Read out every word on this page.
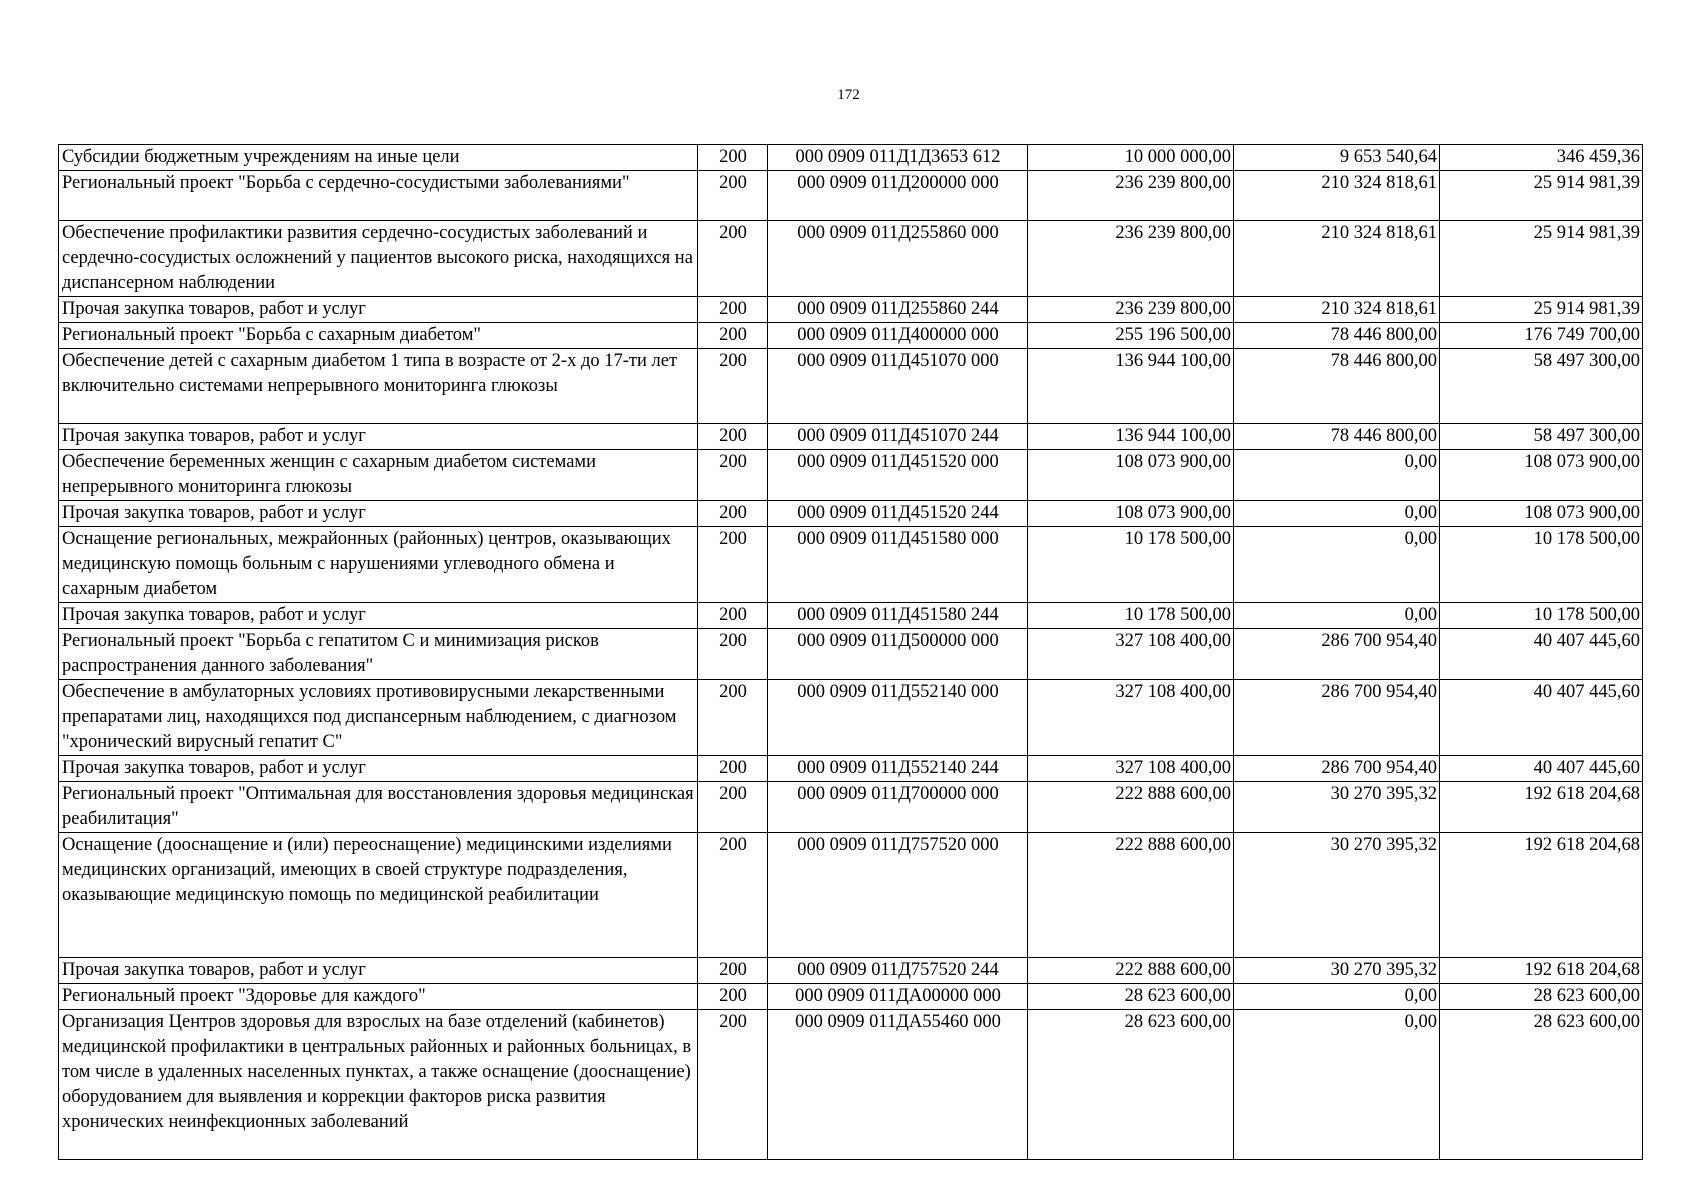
172
Субсидии бюджетным учреждениям на иные цели	200	000 0909 011Д1Д3653 612	10 000 000,00	9 653 540,64	346 459,36
Региональный проект "Борьба с сердечно-сосудистыми заболеваниями"	200	000 0909 011Д200000 000	236 239 800,00	210 324 818,61	25 914 981,39
Обеспечение профилактики развития сердечно-сосудистых заболеваний и сердечно-сосудистых осложнений у пациентов высокого риска, находящихся на диспансерном наблюдении	200	000 0909 011Д255860 000	236 239 800,00	210 324 818,61	25 914 981,39
Прочая закупка товаров, работ и услуг	200	000 0909 011Д255860 244	236 239 800,00	210 324 818,61	25 914 981,39
Региональный проект "Борьба с сахарным диабетом"	200	000 0909 011Д400000 000	255 196 500,00	78 446 800,00	176 749 700,00
Обеспечение детей с сахарным диабетом 1 типа в возрасте от 2-х до 17-ти лет включительно системами непрерывного мониторинга глюкозы	200	000 0909 011Д451070 000	136 944 100,00	78 446 800,00	58 497 300,00
Прочая закупка товаров, работ и услуг	200	000 0909 011Д451070 244	136 944 100,00	78 446 800,00	58 497 300,00
Обеспечение беременных женщин с сахарным диабетом системами непрерывного мониторинга глюкозы	200	000 0909 011Д451520 000	108 073 900,00	0,00	108 073 900,00
Прочая закупка товаров, работ и услуг	200	000 0909 011Д451520 244	108 073 900,00	0,00	108 073 900,00
Оснащение региональных, межрайонных (районных) центров, оказывающих медицинскую помощь больным с нарушениями углеводного обмена и сахарным диабетом	200	000 0909 011Д451580 000	10 178 500,00	0,00	10 178 500,00
Прочая закупка товаров, работ и услуг	200	000 0909 011Д451580 244	10 178 500,00	0,00	10 178 500,00
Региональный проект "Борьба с гепатитом С и минимизация рисков распространения данного заболевания"	200	000 0909 011Д500000 000	327 108 400,00	286 700 954,40	40 407 445,60
Обеспечение в амбулаторных условиях противовирусными лекарственными препаратами лиц, находящихся под диспансерным наблюдением, с диагнозом "хронический вирусный гепатит С"	200	000 0909 011Д552140 000	327 108 400,00	286 700 954,40	40 407 445,60
Прочая закупка товаров, работ и услуг	200	000 0909 011Д552140 244	327 108 400,00	286 700 954,40	40 407 445,60
Региональный проект "Оптимальная для восстановления здоровья медицинская реабилитация"	200	000 0909 011Д700000 000	222 888 600,00	30 270 395,32	192 618 204,68
Оснащение (дооснащение и (или) переоснащение) медицинскими изделиями медицинских организаций, имеющих в своей структуре подразделения, оказывающие медицинскую помощь по медицинской реабилитации	200	000 0909 011Д757520 000	222 888 600,00	30 270 395,32	192 618 204,68
Прочая закупка товаров, работ и услуг	200	000 0909 011Д757520 244	222 888 600,00	30 270 395,32	192 618 204,68
Региональный проект "Здоровье для каждого"	200	000 0909 011ДА00000 000	28 623 600,00	0,00	28 623 600,00
Организация Центров здоровья для взрослых на базе отделений (кабинетов) медицинской профилактики в центральных районных и районных больницах, в том числе в удаленных населенных пунктах, а также оснащение (дооснащение) оборудованием для выявления и коррекции факторов риска развития хронических неинфекционных заболеваний	200	000 0909 011ДА55460 000	28 623 600,00	0,00	28 623 600,00
